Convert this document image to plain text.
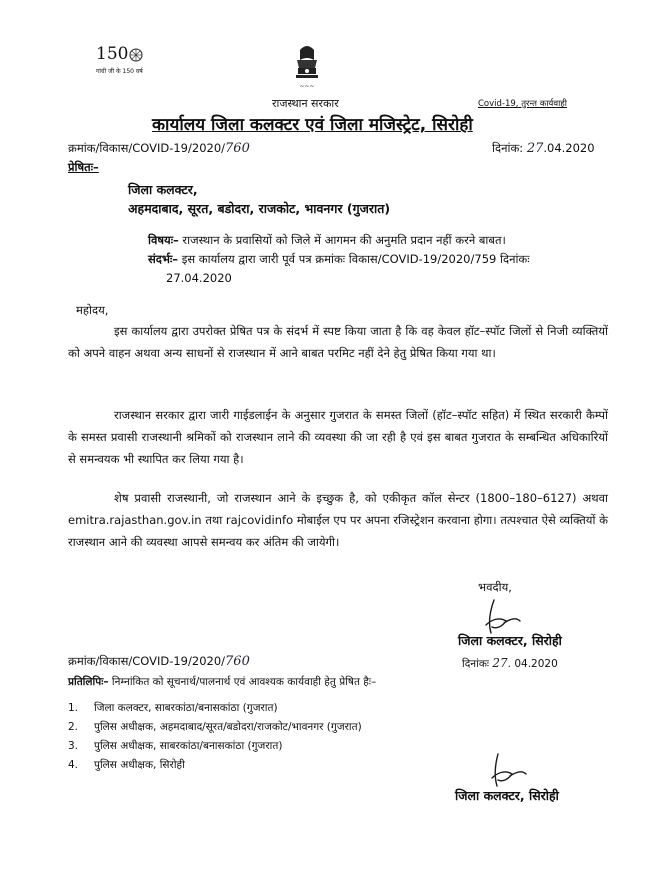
150
गांधी जी के 150 वर्ष
~~~
राजस्थान सरकार	Covid-19, तुरन्त कार्यवाही
कार्यालय जिला कलक्टर एवं जिला मजिस्ट्रेट, सिरोही
क्रमांक/विकास/COVID-19/2020/760	दिनांक: 27.04.2020
प्रेषितः–
जिला कलक्टर,
अहमदाबाद, सूरत, बडोदरा, राजकोट, भावनगर (गुजरात)
विषयः– राजस्थान के प्रवासियों को जिले में आगमन की अनुमति प्रदान नहीं करने बाबत।
संदर्भः– इस कार्यालय द्वारा जारी पूर्व पत्र क्रमांकः विकास/COVID-19/2020/759 दिनांकः
27.04.2020
महोदय,

इस कार्यालय द्वारा उपरोक्त प्रेषित पत्र के संदर्भ में स्पष्ट किया जाता है कि वह केवल हॉट–स्पॉट जिलों से निजी व्यक्तियों को अपने वाहन अथवा अन्य साधनों से राजस्थान में आने बाबत परमिट नहीं देने हेतु प्रेषित किया गया था।

राजस्थान सरकार द्वारा जारी गाईडलाईन के अनुसार गुजरात के समस्त जिलों (हॉट–स्पॉट सहित) में स्थित सरकारी कैम्पों के समस्त प्रवासी राजस्थानी श्रमिकों को राजस्थान लाने की व्यवस्था की जा रही है एवं इस बाबत गुजरात के सम्बन्धित अधिकारियों से समन्वयक भी स्थापित कर लिया गया है।

शेष प्रवासी राजस्थानी, जो राजस्थान आने के इच्छुक है, को एकीकृत कॉल सेन्टर (1800–180–6127) अथवा emitra.rajasthan.gov.in तथा rajcovidinfo मोबाईल एप पर अपना रजिस्ट्रेशन करवाना होगा। तत्पश्चात ऐसे व्यक्तियों के राजस्थान आने की व्यवस्था आपसे समन्वय कर अंतिम की जायेगी।

भवदीय,
जिला कलक्टर, सिरोही
क्रमांक/विकास/COVID-19/2020/760	दिनांकः 27. 04.2020
प्रतिलिपिः– निम्नांकित को सूचनार्थ/पालनार्थ एवं आवश्यक कार्यवाही हेतु प्रेषित हैः–
1. जिला कलक्टर, साबरकांठा/बनासकांठा (गुजरात)
2. पुलिस अधीक्षक, अहमदाबाद/सूरत/बडोदरा/राजकोट/भावनगर (गुजरात)
3. पुलिस अधीक्षक, साबरकांठा/बनासकांठा (गुजरात)
4. पुलिस अधीक्षक, सिरोही
जिला कलक्टर, सिरोही
